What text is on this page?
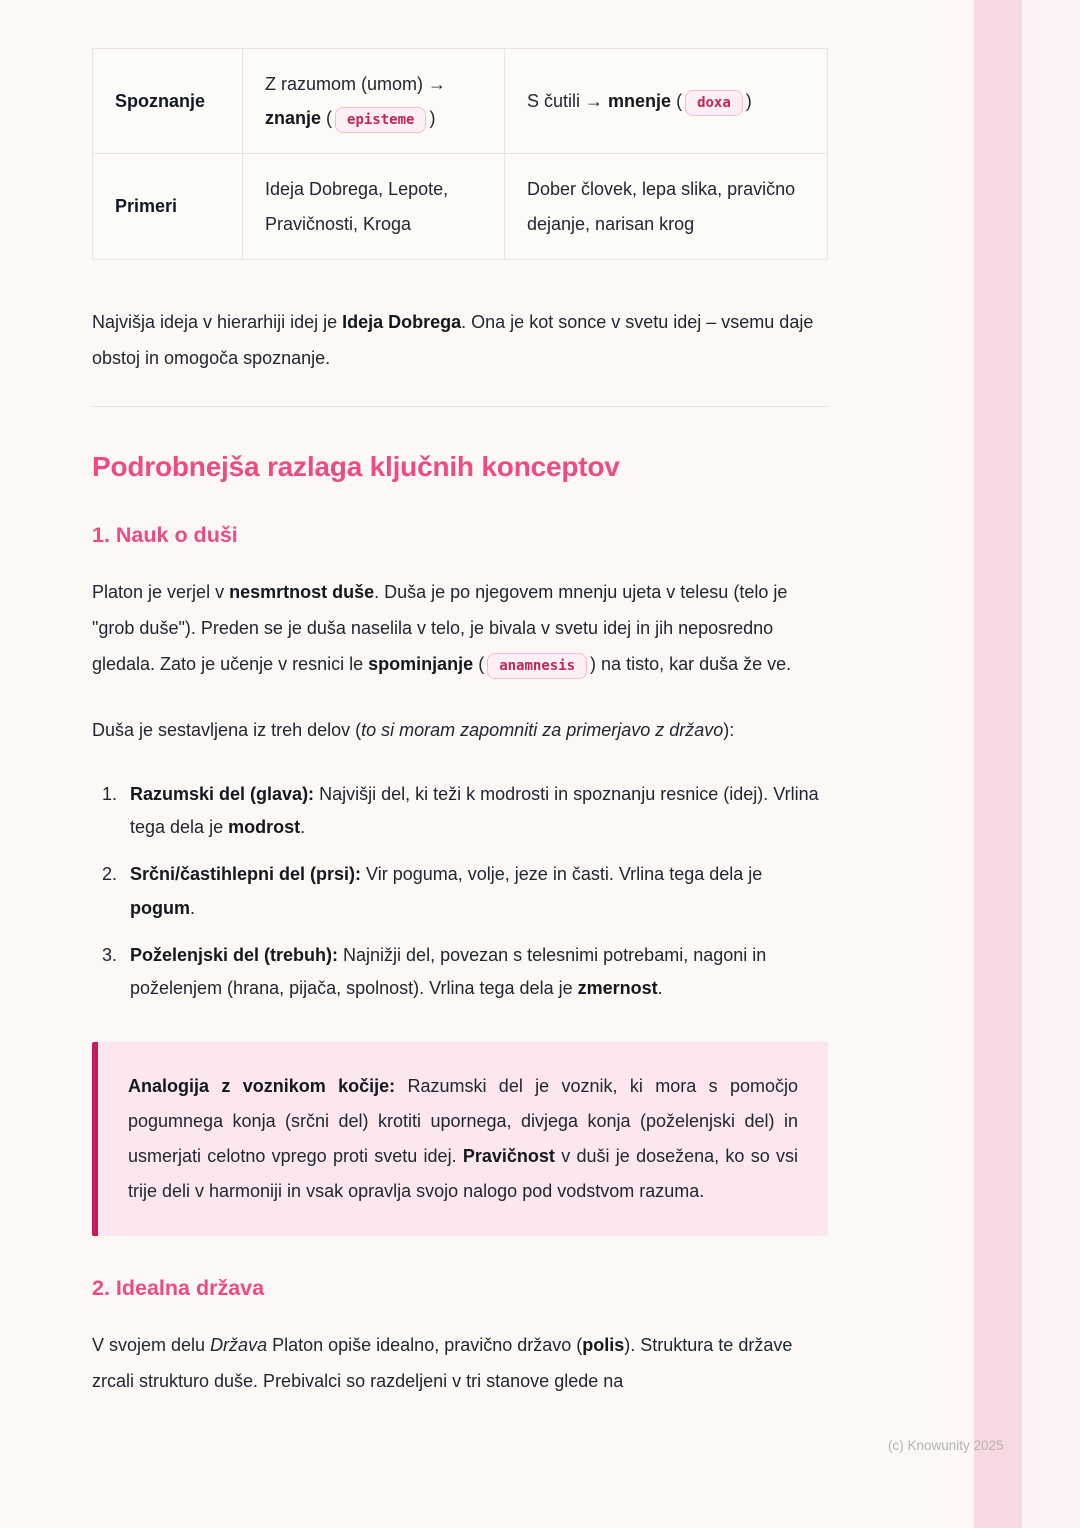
Spoznanje	Z razumom (umom) → znanje ( episteme )	S čutili → mnenje ( doxa )
Primeri	Ideja Dobrega, Lepote, Pravičnosti, Kroga	Dober človek, lepa slika, pravično dejanje, narisan krog

Najvišja ideja v hierarhiji idej je Ideja Dobrega. Ona je kot sonce v svetu idej – vsemu daje obstoj in omogoča spoznanje.

Podrobnejša razlaga ključnih konceptov
1. Nauk o duši

Platon je verjel v nesmrtnost duše. Duša je po njegovem mnenju ujeta v telesu (telo je "grob duše"). Preden se je duša naselila v telo, je bivala v svetu idej in jih neposredno gledala. Zato je učenje v resnici le spominjanje ( anamnesis ) na tisto, kar duša že ve.

Duša je sestavljena iz treh delov (to si moram zapomniti za primerjavo z državo):

1. Razumski del (glava): Najvišji del, ki teži k modrosti in spoznanju resnice (idej). Vrlina tega dela je modrost.
2. Srčni/častihlepni del (prsi): Vir poguma, volje, jeze in časti. Vrlina tega dela je pogum.
3. Poželenjski del (trebuh): Najnižji del, povezan s telesnimi potrebami, nagoni in poželenjem (hrana, pijača, spolnost). Vrlina tega dela je zmernost.
Analogija z voznikom kočije: Razumski del je voznik, ki mora s pomočjo pogumnega konja (srčni del) krotiti upornega, divjega konja (poželenjski del) in usmerjati celotno vprego proti svetu idej. Pravičnost v duši je dosežena, ko so vsi trije deli v harmoniji in vsak opravlja svojo nalogo pod vodstvom razuma.
2. Idealna država

V svojem delu Država Platon opiše idealno, pravično državo (polis). Struktura te države zrcali strukturo duše. Prebivalci so razdeljeni v tri stanove glede na

(c) Knowunity 2025
